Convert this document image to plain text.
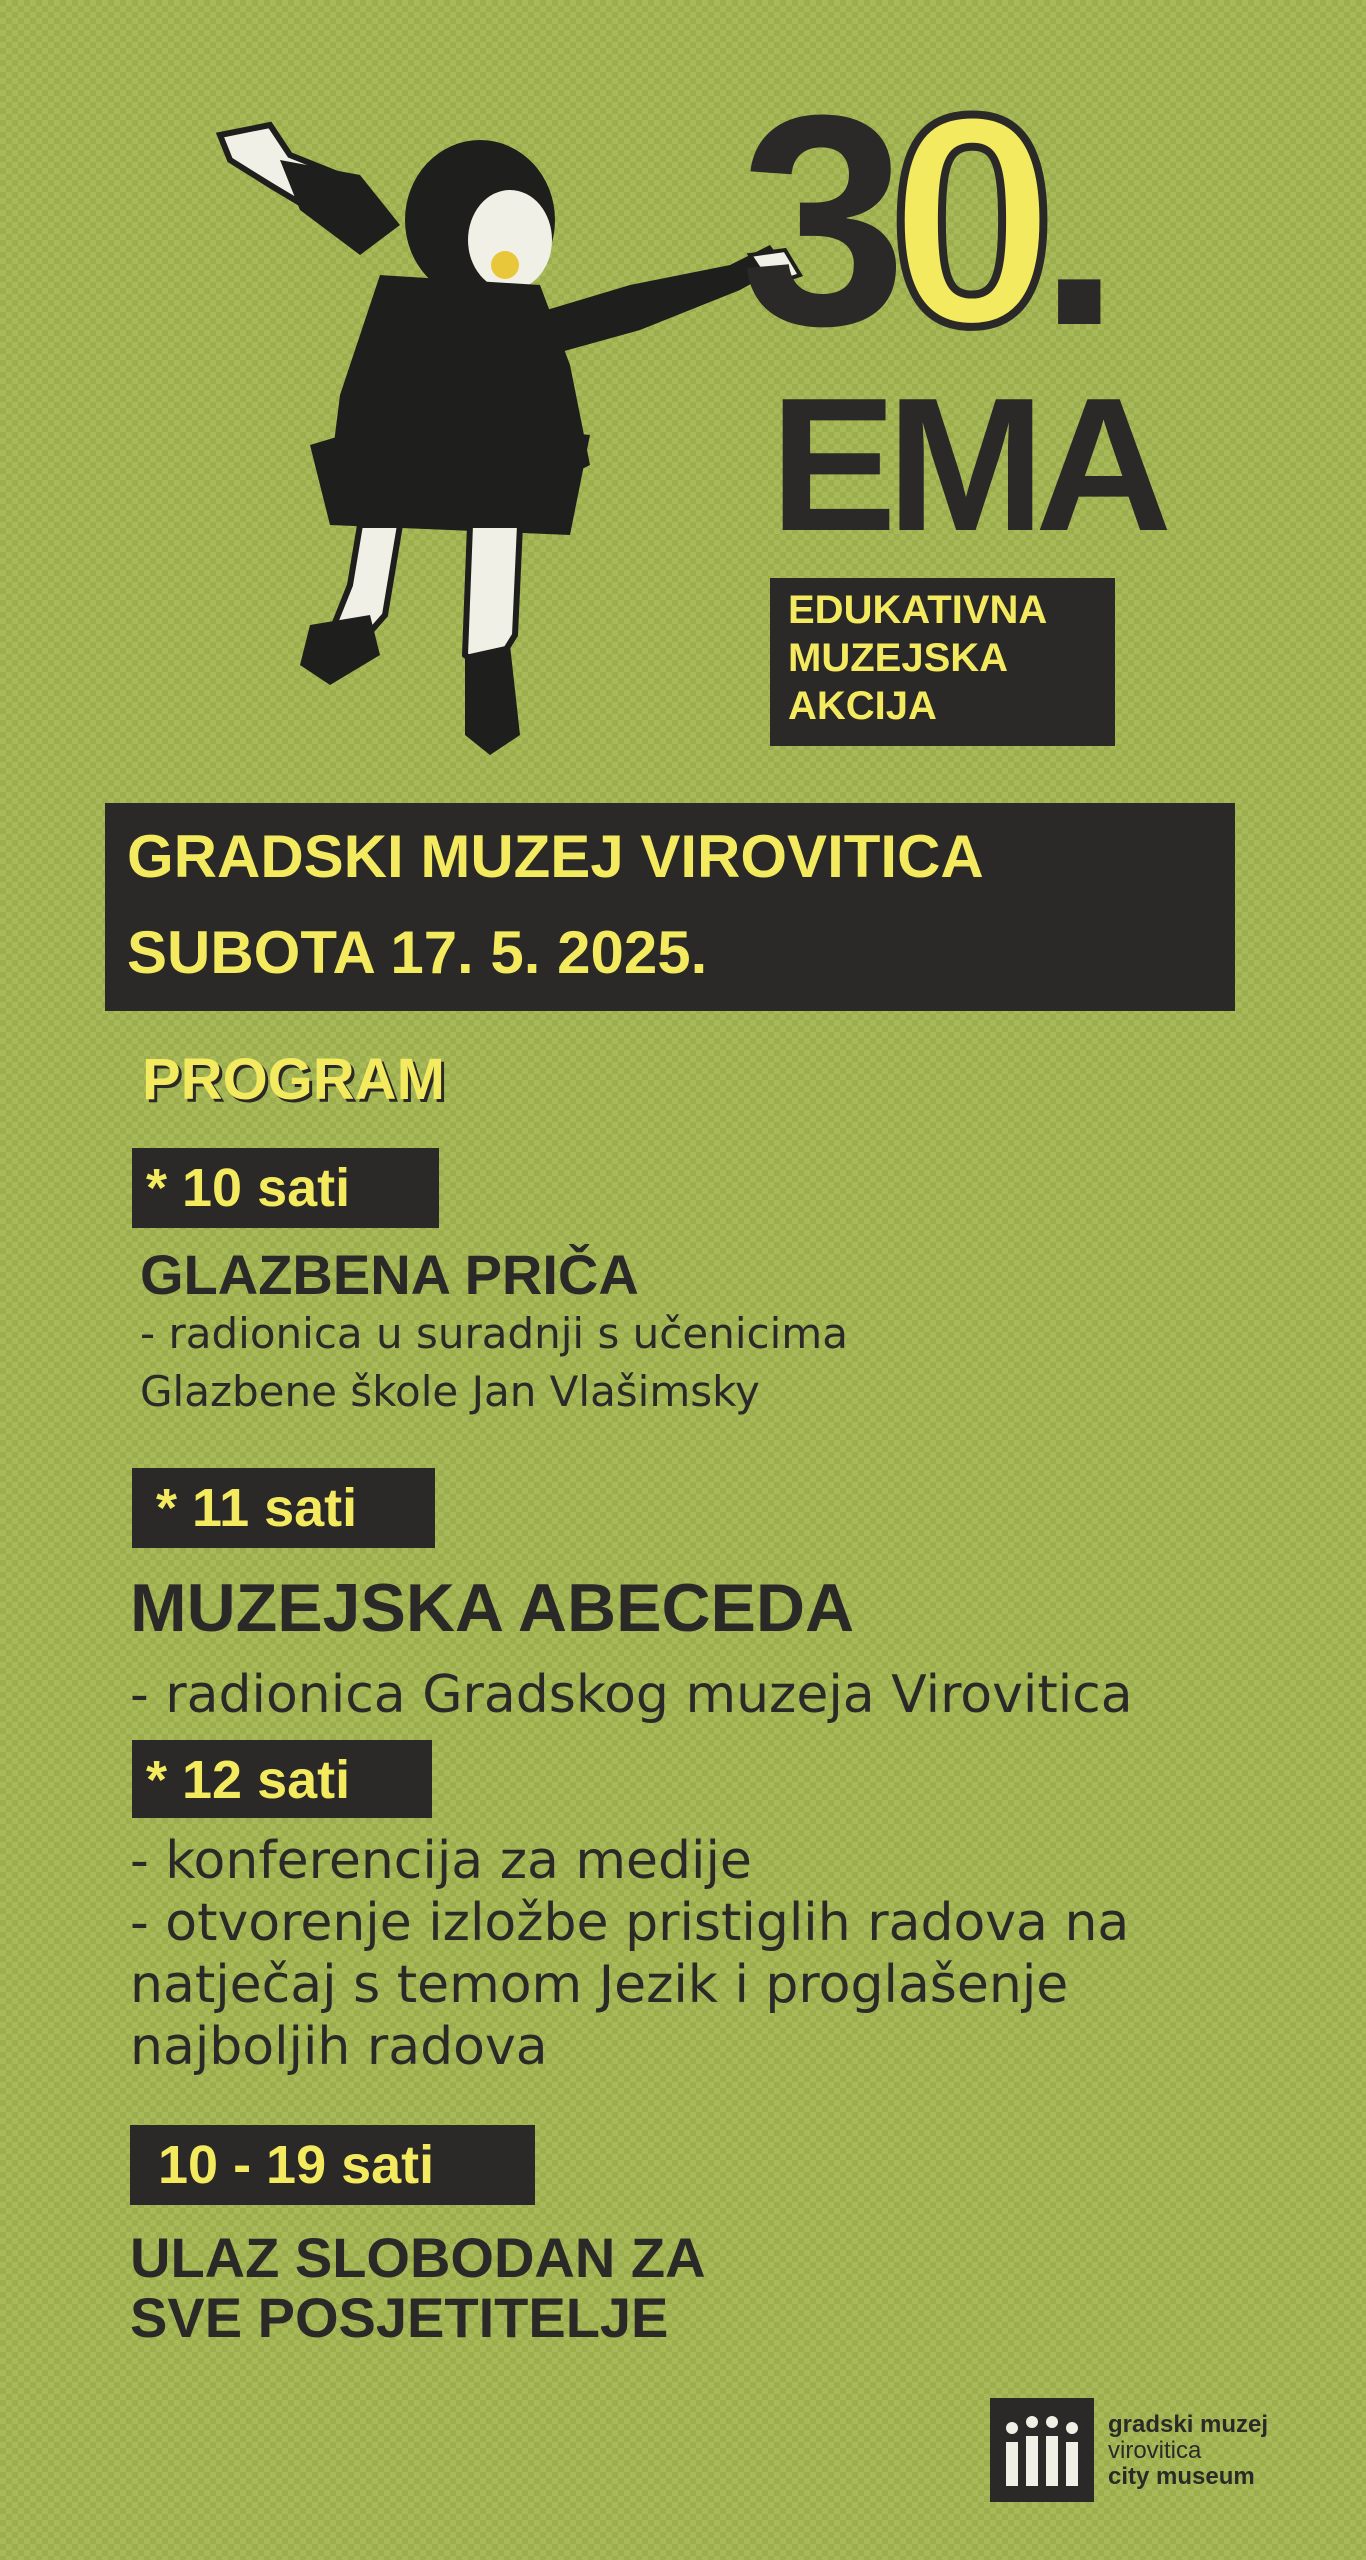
30.
EMA
EDUKATIVNA
MUZEJSKA
AKCIJA
GRADSKI MUZEJ VIROVITICA
SUBOTA 17. 5. 2025.
PROGRAM
* 10 sati
GLAZBENA PRIČA
- radionica u suradnji s učenicima
Glazbene škole Jan Vlašimsky
* 11 sati
MUZEJSKA ABECEDA
- radionica Gradskog muzeja Virovitica
* 12 sati
- konferencija za medije
- otvorenje izložbe pristiglih radova na
natječaj s temom Jezik i proglašenje
najboljih radova
10 - 19 sati
ULAZ SLOBODAN ZA
SVE POSJETITELJE
gradski muzej
virovitica
city museum
